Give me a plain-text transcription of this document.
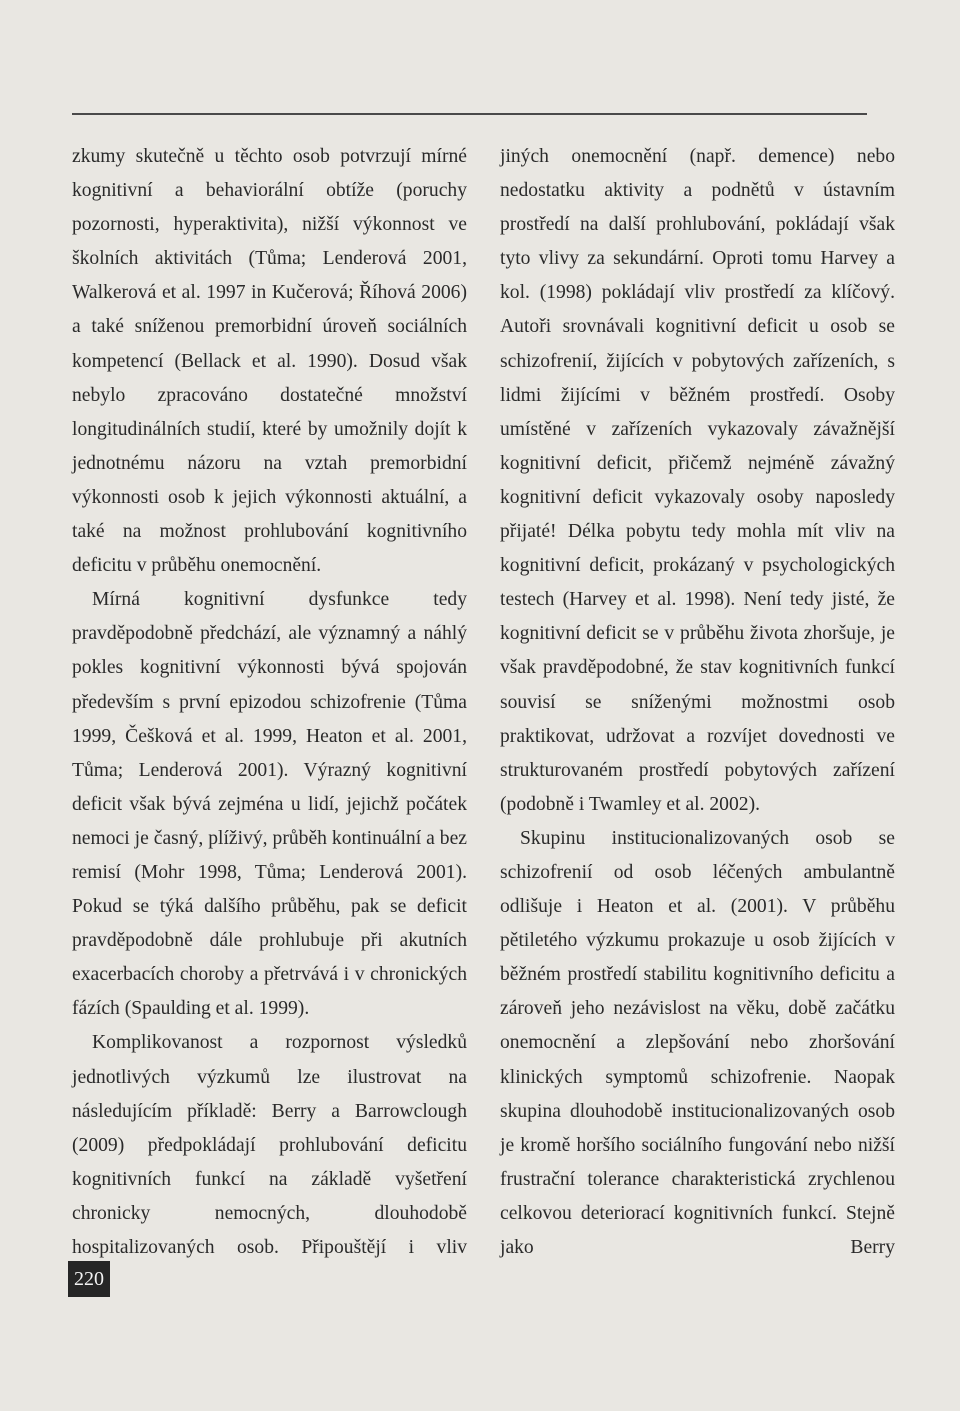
zkumy skutečně u těchto osob potvrzují mírné kognitivní a behaviorální obtíže (poruchy pozornosti, hyperaktivita), nižší výkonnost ve školních aktivitách (Tůma; Lenderová 2001, Walkerová et al. 1997 in Kučerová; Říhová 2006) a také sníženou premorbidní úroveň sociálních kompetencí (Bellack et al. 1990). Dosud však nebylo zpracováno dostatečné množství longitudinálních studií, které by umožnily dojít k jednotnému názoru na vztah premorbidní výkonnosti osob k jejich výkonnosti aktuální, a také na možnost prohlubování kognitivního deficitu v průběhu onemocnění.

Mírná kognitivní dysfunkce tedy pravděpodobně předchází, ale významný a náhlý pokles kognitivní výkonnosti bývá spojován především s první epizodou schizofrenie (Tůma 1999, Češková et al. 1999, Heaton et al. 2001, Tůma; Lenderová 2001). Výrazný kognitivní deficit však bývá zejména u lidí, jejichž počátek nemoci je časný, plíživý, průběh kontinuální a bez remisí (Mohr 1998, Tůma; Lenderová 2001). Pokud se týká dalšího průběhu, pak se deficit pravděpodobně dále prohlubuje při akutních exacerbacích choroby a přetrvává i v chronických fázích (Spaulding et al. 1999).

Komplikovanost a rozpornost výsledků jednotlivých výzkumů lze ilustrovat na následujícím příkladě: Berry a Barrowclough (2009) předpokládají prohlubování deficitu kognitivních funkcí na základě vyšetření chronicky nemocných, dlouhodobě hospitalizovaných osob. Připouštějí i vliv

jiných onemocnění (např. demence) nebo nedostatku aktivity a podnětů v ústavním prostředí na další prohlubování, pokládají však tyto vlivy za sekundární. Oproti tomu Harvey a kol. (1998) pokládají vliv prostředí za klíčový. Autoři srovnávali kognitivní deficit u osob se schizofrenií, žijících v pobytových zařízeních, s lidmi žijícími v běžném prostředí. Osoby umístěné v zařízeních vykazovaly závažnější kognitivní deficit, přičemž nejméně závažný kognitivní deficit vykazovaly osoby naposledy přijaté! Délka pobytu tedy mohla mít vliv na kognitivní deficit, prokázaný v psychologických testech (Harvey et al. 1998). Není tedy jisté, že kognitivní deficit se v průběhu života zhoršuje, je však pravděpodobné, že stav kognitivních funkcí souvisí se sníženými možnostmi osob praktikovat, udržovat a rozvíjet dovednosti ve strukturovaném prostředí pobytových zařízení (podobně i Twamley et al. 2002).

Skupinu institucionalizovaných osob se schizofrenií od osob léčených ambulantně odlišuje i Heaton et al. (2001). V průběhu pětiletého výzkumu prokazuje u osob žijících v běžném prostředí stabilitu kognitivního deficitu a zároveň jeho nezávislost na věku, době začátku onemocnění a zlepšování nebo zhoršování klinických symptomů schizofrenie. Naopak skupina dlouhodobě institucionalizovaných osob je kromě horšího sociálního fungování nebo nižší frustrační tolerance charakteristická zrychlenou celkovou deteriorací kognitivních funkcí. Stejně jako Berry

220
